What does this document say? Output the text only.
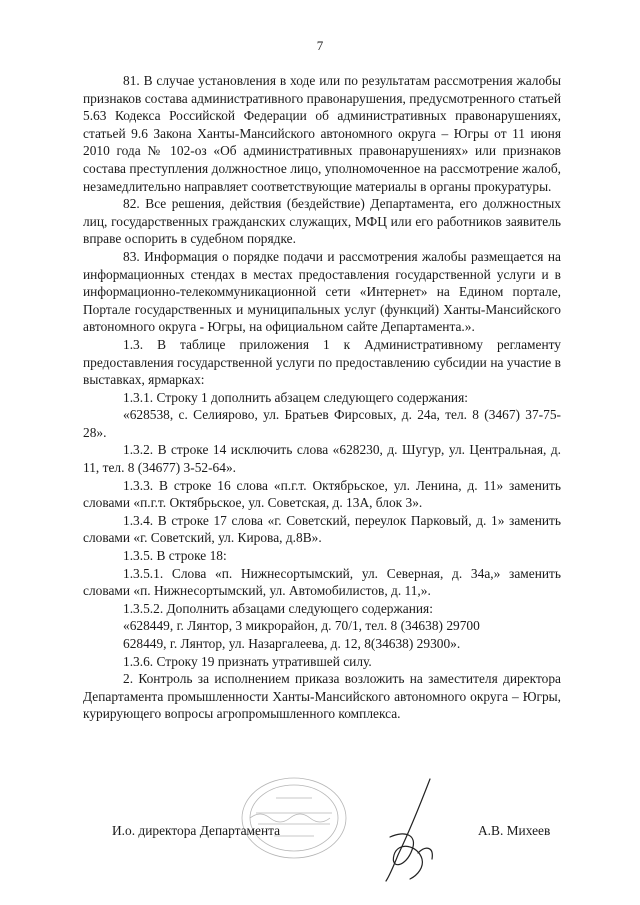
7

81. В случае установления в ходе или по результатам рассмотрения жалобы признаков состава административного правонарушения, предусмотренного статьей 5.63 Кодекса Российской Федерации об административных правонарушениях, статьей 9.6 Закона Ханты-Мансийского автономного округа – Югры от 11 июня 2010 года № 102-оз «Об административных правонарушениях» или признаков состава преступления должностное лицо, уполномоченное на рассмотрение жалоб, незамедлительно направляет соответствующие материалы в органы прокуратуры.

82. Все решения, действия (бездействие) Департамента, его должностных лиц, государственных гражданских служащих, МФЦ или его работников заявитель вправе оспорить в судебном порядке.

83. Информация о порядке подачи и рассмотрения жалобы размещается на информационных стендах в местах предоставления государственной услуги и в информационно-телекоммуникационной сети «Интернет» на Едином портале, Портале государственных и муниципальных услуг (функций) Ханты-Мансийского автономного округа - Югры, на официальном сайте Департамента.».

1.3. В таблице приложения 1 к Административному регламенту предоставления государственной услуги по предоставлению субсидии на участие в выставках, ярмарках:

1.3.1. Строку 1 дополнить абзацем следующего содержания:

«628538, с. Селиярово, ул. Братьев Фирсовых, д. 24а, тел. 8 (3467) 37-75-28».

1.3.2. В строке 14 исключить слова «628230, д. Шугур, ул. Центральная, д. 11, тел. 8 (34677) 3-52-64».

1.3.3. В строке 16 слова «п.г.т. Октябрьское, ул. Ленина, д. 11» заменить словами «п.г.т. Октябрьское, ул. Советская, д. 13А, блок 3».

1.3.4. В строке 17 слова «г. Советский, переулок Парковый, д. 1» заменить словами «г. Советский, ул. Кирова, д.8В».

1.3.5. В строке 18:

1.3.5.1. Слова «п. Нижнесортымский, ул. Северная, д. 34а,» заменить словами «п. Нижнесортымский, ул. Автомобилистов, д. 11,».

1.3.5.2. Дополнить абзацами следующего содержания:

«628449, г. Лянтор, 3 микрорайон, д. 70/1, тел. 8 (34638) 29700

628449, г. Лянтор, ул. Назаргалеева, д. 12, 8(34638) 29300».

1.3.6. Строку 19 признать утратившей силу.

2. Контроль за исполнением приказа возложить на заместителя директора Департамента промышленности Ханты-Мансийского автономного округа – Югры, курирующего вопросы агропромышленного комплекса.

И.о. директора Департамента	А.В. Михеев
